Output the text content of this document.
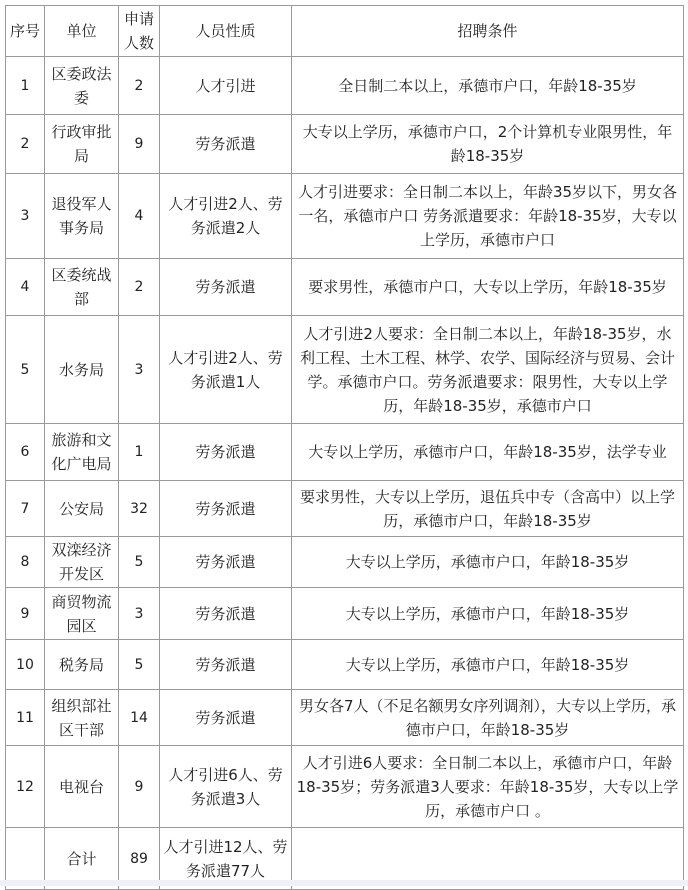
序号	单位	申请人数	人员性质	招聘条件
1	区委政法委	2	人才引进	全日制二本以上，承德市户口，年龄18-35岁
2	行政审批局	9	劳务派遣	大专以上学历，承德市户口，2个计算机专业限男性，年龄18-35岁
3	退役军人事务局	4	人才引进2人、劳务派遣2人	人才引进要求：全日制二本以上，年龄35岁以下，男女各一名，承德市户口 劳务派遣要求：年龄18-35岁，大专以上学历，承德市户口
4	区委统战部	2	劳务派遣	要求男性，承德市户口，大专以上学历，年龄18-35岁
5	水务局	3	人才引进2人、劳务派遣1人	人才引进2人要求：全日制二本以上，年龄18-35岁，水利工程、土木工程、林学、农学、国际经济与贸易、会计学。承德市户口。劳务派遣要求：限男性，大专以上学历，年龄18-35岁，承德市户口
6	旅游和文化广电局	1	劳务派遣	大专以上学历，承德市户口，年龄18-35岁，法学专业
7	公安局	32	劳务派遣	要求男性，大专以上学历，退伍兵中专（含高中）以上学历，承德市户口，年龄18-35岁
8	双滦经济开发区	5	劳务派遣	大专以上学历，承德市户口，年龄18-35岁
9	商贸物流园区	3	劳务派遣	大专以上学历，承德市户口，年龄18-35岁
10	税务局	5	劳务派遣	大专以上学历，承德市户口，年龄18-35岁
11	组织部社区干部	14	劳务派遣	男女各7人（不足名额男女序列调剂），大专以上学历，承德市户口，年龄18-35岁
12	电视台	9	人才引进6人、劳务派遣3人	人才引进6人要求：全日制二本以上，承德市户口，年龄18-35岁；劳务派遣3人要求：年龄18-35岁，大专以上学历，承德市户口 。
	合计	89	人才引进12人、劳务派遣77人	
